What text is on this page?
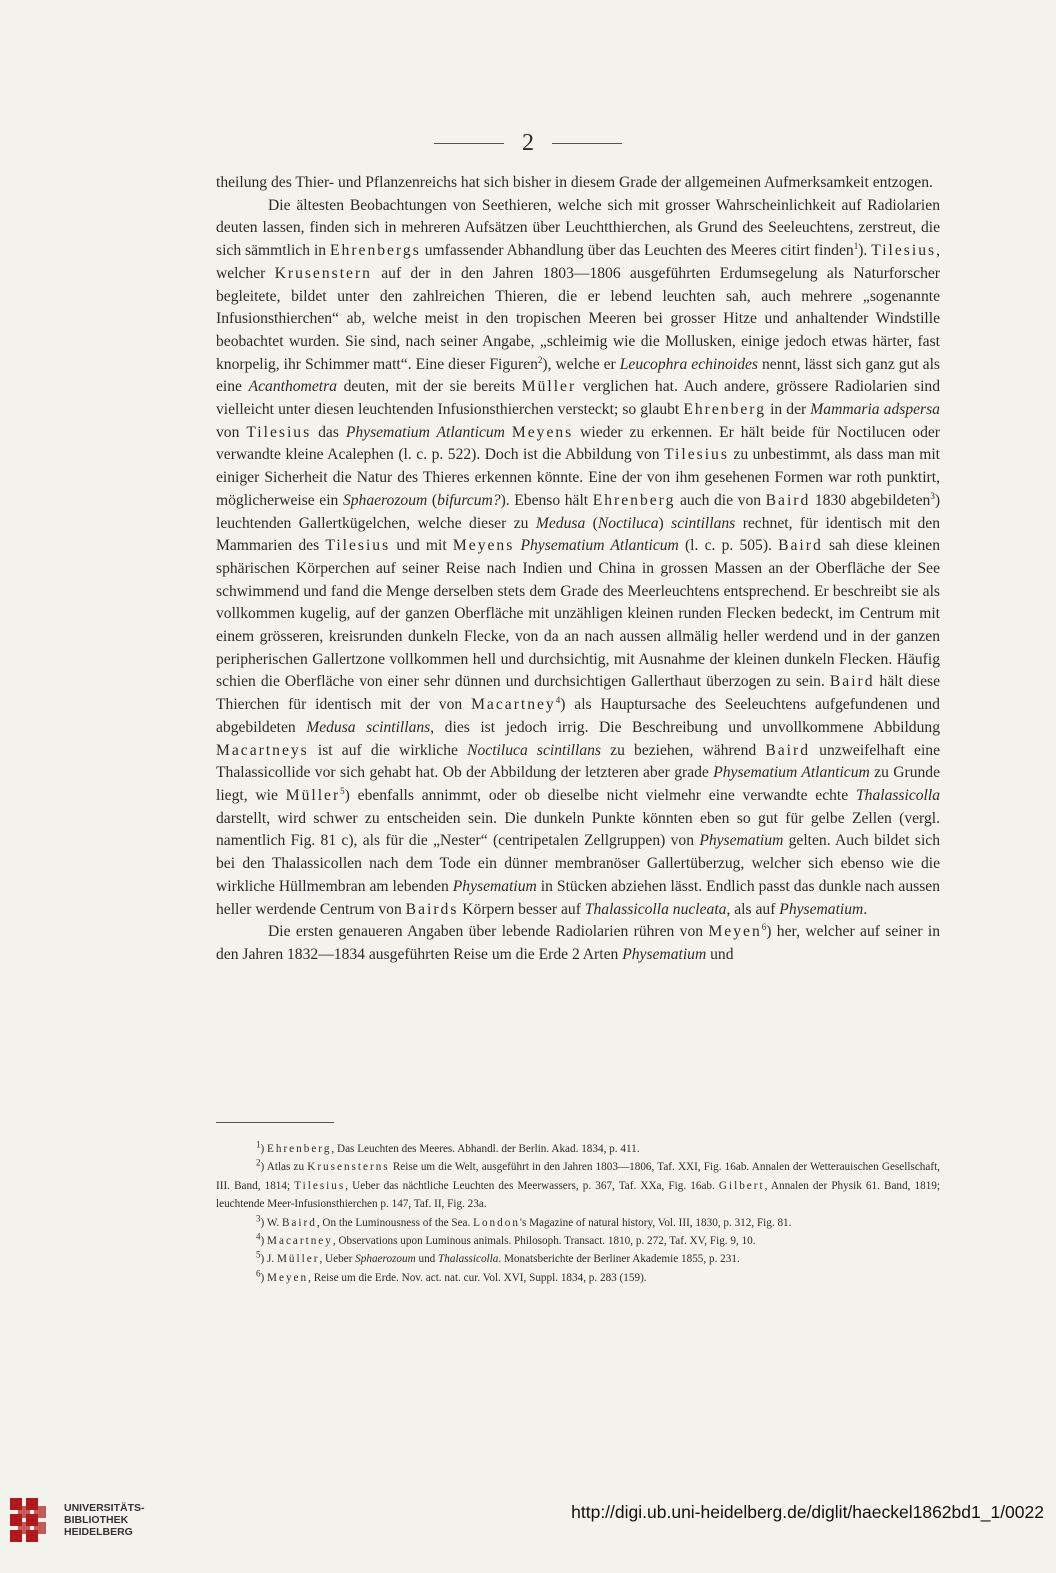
2

theilung des Thier- und Pflanzenreichs hat sich bisher in diesem Grade der allgemeinen Aufmerksamkeit entzogen.

Die ältesten Beobachtungen von Seethieren, welche sich mit grosser Wahrscheinlichkeit auf Radiolarien deuten lassen, finden sich in mehreren Aufsätzen über Leuchtthierchen, als Grund des Seeleuchtens, zerstreut, die sich sämmtlich in Ehrenbergs umfassender Abhandlung über das Leuchten des Meeres citirt finden$^1$). Tilesius, welcher Krusenstern auf der in den Jahren 1803—1806 ausgeführten Erdumsegelung als Naturforscher begleitete, bildet unter den zahlreichen Thieren, die er lebend leuchten sah, auch mehrere „sogenannte Infusionsthierchen“ ab, welche meist in den tropischen Meeren bei grosser Hitze und anhaltender Windstille beobachtet wurden. Sie sind, nach seiner Angabe, „schleimig wie die Mollusken, einige jedoch etwas härter, fast knorpelig, ihr Schimmer matt“. Eine dieser Figuren$^2$), welche er Leucophra echinoides nennt, lässt sich ganz gut als eine Acanthometra deuten, mit der sie bereits Müller verglichen hat. Auch andere, grössere Radiolarien sind vielleicht unter diesen leuchtenden Infusionsthierchen versteckt; so glaubt Ehrenberg in der Mammaria adspersa von Tilesius das Physematium Atlanticum Meyens wieder zu erkennen. Er hält beide für Noctilucen oder verwandte kleine Acalephen (l. c. p. 522). Doch ist die Abbildung von Tilesius zu unbestimmt, als dass man mit einiger Sicherheit die Natur des Thieres erkennen könnte. Eine der von ihm gesehenen Formen war roth punktirt, möglicherweise ein Sphaerozoum (bifurcum?). Ebenso hält Ehrenberg auch die von Baird 1830 abgebildeten$^3$) leuchtenden Gallertkügelchen, welche dieser zu Medusa (Noctiluca) scintillans rechnet, für identisch mit den Mammarien des Tilesius und mit Meyens Physematium Atlanticum (l. c. p. 505). Baird sah diese kleinen sphärischen Körperchen auf seiner Reise nach Indien und China in grossen Massen an der Oberfläche der See schwimmend und fand die Menge derselben stets dem Grade des Meerleuchtens entsprechend. Er beschreibt sie als vollkommen kugelig, auf der ganzen Oberfläche mit unzähligen kleinen runden Flecken bedeckt, im Centrum mit einem grösseren, kreisrunden dunkeln Flecke, von da an nach aussen allmälig heller werdend und in der ganzen peripherischen Gallertzone vollkommen hell und durchsichtig, mit Ausnahme der kleinen dunkeln Flecken. Häufig schien die Oberfläche von einer sehr dünnen und durchsichtigen Gallerthaut überzogen zu sein. Baird hält diese Thierchen für identisch mit der von Macartney$^4$) als Hauptursache des Seeleuchtens aufgefundenen und abgebildeten Medusa scintillans, dies ist jedoch irrig. Die Beschreibung und unvollkommene Abbildung Macartneys ist auf die wirkliche Noctiluca scintillans zu beziehen, während Baird unzweifelhaft eine Thalassicollide vor sich gehabt hat. Ob der Abbildung der letzteren aber grade Physematium Atlanticum zu Grunde liegt, wie Müller$^5$) ebenfalls annimmt, oder ob dieselbe nicht vielmehr eine verwandte echte Thalassicolla darstellt, wird schwer zu entscheiden sein. Die dunkeln Punkte könnten eben so gut für gelbe Zellen (vergl. namentlich Fig. 81 c), als für die „Nester“ (centripetalen Zellgruppen) von Physematium gelten. Auch bildet sich bei den Thalassicollen nach dem Tode ein dünner membranöser Gallertüberzug, welcher sich ebenso wie die wirkliche Hüllmembran am lebenden Physematium in Stücken abziehen lässt. Endlich passt das dunkle nach aussen heller werdende Centrum von Bairds Körpern besser auf Thalassicolla nucleata, als auf Physematium.

Die ersten genaueren Angaben über lebende Radiolarien rühren von Meyen$^6$) her, welcher auf seiner in den Jahren 1832—1834 ausgeführten Reise um die Erde 2 Arten Physematium und

$^1$) Ehrenberg, Das Leuchten des Meeres. Abhandl. der Berlin. Akad. 1834, p. 411.

$^2$) Atlas zu Krusensterns Reise um die Welt, ausgeführt in den Jahren 1803—1806, Taf. XXI, Fig. 16ab. Annalen der Wetterauischen Gesellschaft, III. Band, 1814; Tilesius, Ueber das nächtliche Leuchten des Meerwassers, p. 367, Taf. XXa, Fig. 16ab. Gilbert, Annalen der Physik 61. Band, 1819; leuchtende Meer-Infusionsthierchen p. 147, Taf. II, Fig. 23a.

$^3$) W. Baird, On the Luminousness of the Sea. London's Magazine of natural history, Vol. III, 1830, p. 312, Fig. 81.

$^4$) Macartney, Observations upon Luminous animals. Philosoph. Transact. 1810, p. 272, Taf. XV, Fig. 9, 10.

$^5$) J. Müller, Ueber Sphaerozoum und Thalassicolla. Monatsberichte der Berliner Akademie 1855, p. 231.

$^6$) Meyen, Reise um die Erde. Nov. act. nat. cur. Vol. XVI, Suppl. 1834, p. 283 (159).

UNIVERSITÄTS-
BIBLIOTHEK
HEIDELBERG
http://digi.ub.uni-heidelberg.de/diglit/haeckel1862bd1_1/0022
